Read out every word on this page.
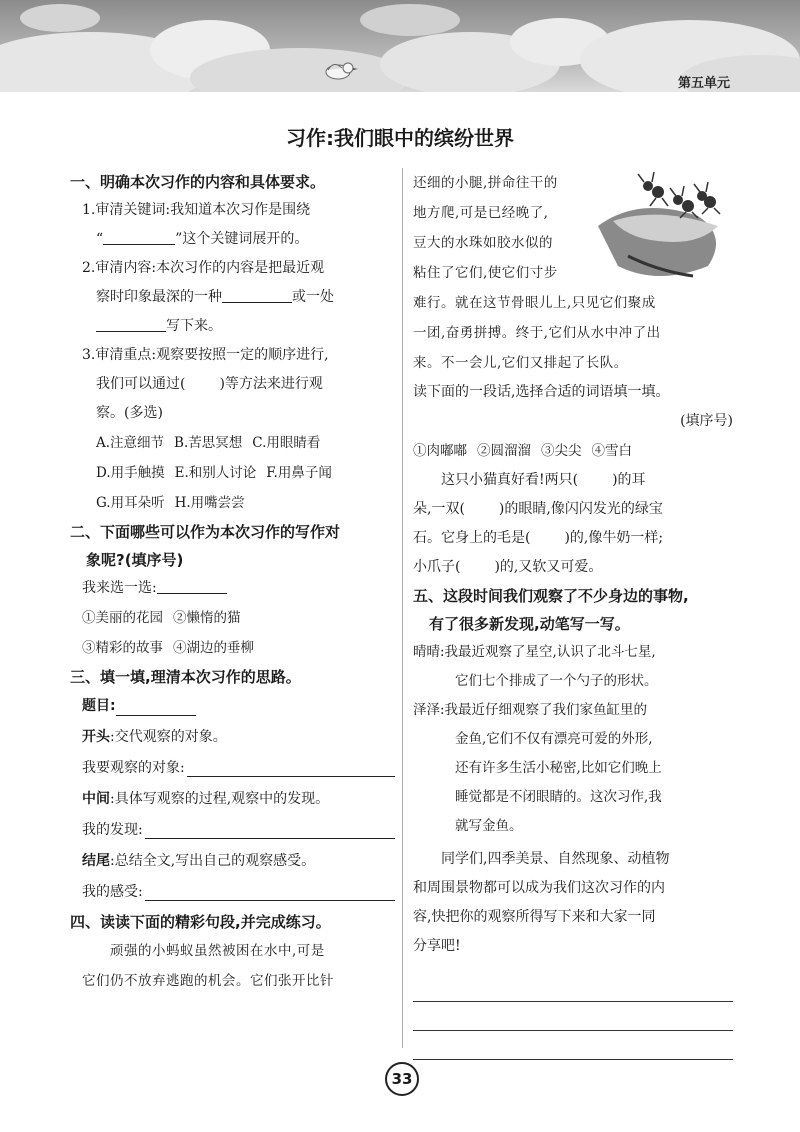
第五单元
习作:我们眼中的缤纷世界
一、明确本次习作的内容和具体要求。
1.审清关键词:我知道本次习作是围绕
“	”这个关键词展开的。
2.审清内容:本次习作的内容是把最近观
察时印象最深的一种	或一处
写下来。
3.审清重点:观察要按照一定的顺序进行,
我们可以通过( )等方法来进行观
察。(多选)
A.注意细节 B.苦思冥想 C.用眼睛看
D.用手触摸 E.和别人讨论 F.用鼻子闻
G.用耳朵听 H.用嘴尝尝
二、下面哪些可以作为本次习作的写作对
象呢?(填序号)
我来选一选:
①美丽的花园 ②懒惰的猫
③精彩的故事 ④湖边的垂柳
三、填一填,理清本次习作的思路。
题目:
开头 :交代观察的对象。
我要观察的对象:
中间 :具体写观察的过程,观察中的发现。
我的发现:
结尾 :总结全文,写出自己的观察感受。
我的感受:
四、读读下面的精彩句段,并完成练习。
顽强的小蚂蚁虽然被困在水中,可是
它们仍不放弃逃跑的机会。它们张开比针
还细的小腿,拼命往干的
地方爬,可是已经晚了,
豆大的水珠如胶水似的
粘住了它们,使它们寸步
难行。就在这节骨眼儿上,只见它们聚成
一团,奋勇拼搏。终于,它们从水中冲了出
来。不一会儿,它们又排起了长队。
读下面的一段话,选择合适的词语填一填。
(填序号)
①肉嘟嘟 ②圆溜溜 ③尖尖 ④雪白
这只小猫真好看!两只( )的耳
朵,一双( )的眼睛,像闪闪发光的绿宝
石。它身上的毛是( )的,像牛奶一样;
小爪子( )的,又软又可爱。
五、这段时间我们观察了不少身边的事物,
有了很多新发现,动笔写一写。
晴晴:我最近观察了星空,认识了北斗七星,
它们七个排成了一个勺子的形状。
泽泽:我最近仔细观察了我们家鱼缸里的
金鱼,它们不仅有漂亮可爱的外形,
还有许多生活小秘密,比如它们晚上
睡觉都是不闭眼睛的。这次习作,我
就写金鱼。
同学们,四季美景、自然现象、动植物
和周围景物都可以成为我们这次习作的内
容,快把你的观察所得写下来和大家一同
分享吧!
33
